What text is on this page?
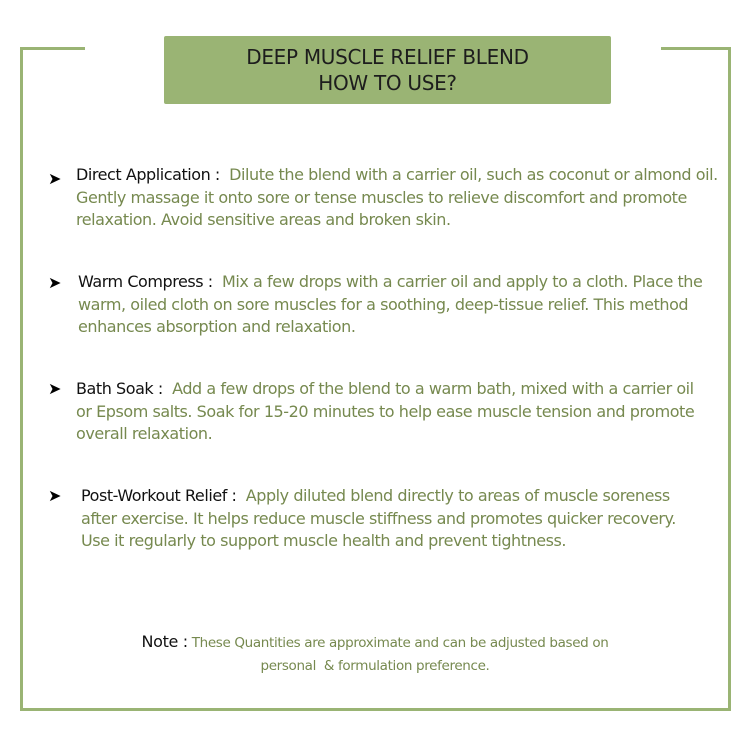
DEEP MUSCLE RELIEF BLEND
HOW TO USE?
➤ Direct Application : Dilute the blend with a carrier oil, such as coconut or almond oil. Gently massage it onto sore or tense muscles to relieve discomfort and promote relaxation. Avoid sensitive areas and broken skin.
➤ Warm Compress : Mix a few drops with a carrier oil and apply to a cloth. Place the warm, oiled cloth on sore muscles for a soothing, deep-tissue relief. This method enhances absorption and relaxation.
➤ Bath Soak : Add a few drops of the blend to a warm bath, mixed with a carrier oil or Epsom salts. Soak for 15-20 minutes to help ease muscle tension and promote overall relaxation.
➤ Post-Workout Relief : Apply diluted blend directly to areas of muscle soreness after exercise. It helps reduce muscle stiffness and promotes quicker recovery. Use it regularly to support muscle health and prevent tightness.
Note : These Quantities are approximate and can be adjusted based on
personal  & formulation preference.
